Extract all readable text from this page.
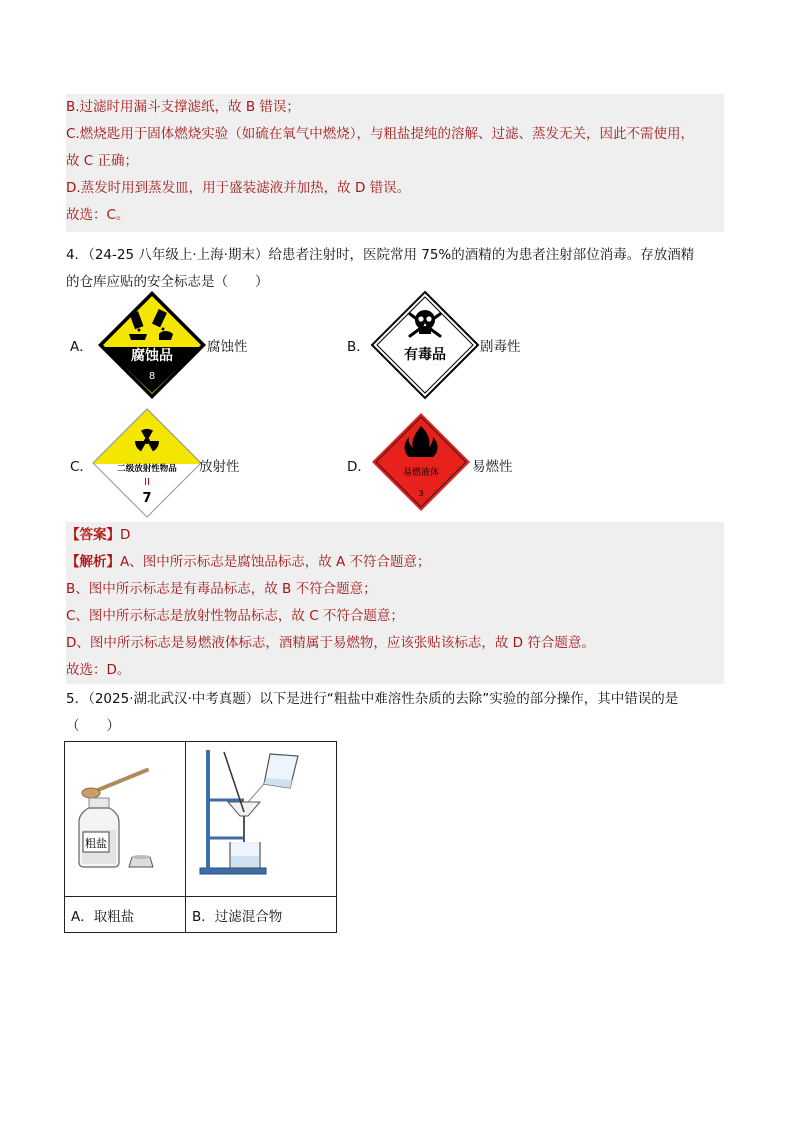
B.过滤时用漏斗支撑滤纸，故 B 错误；
C.燃烧匙用于固体燃烧实验（如硫在氧气中燃烧），与粗盐提纯的溶解、过滤、蒸发无关，因此不需使用，
故 C 正确；
D.蒸发时用到蒸发皿，用于盛装滤液并加热，故 D 错误。
故选：C。
4．（24-25 八年级上·上海·期末）给患者注射时，医院常用 75%的酒精的为患者注射部位消毒。存放酒精
的仓库应贴的安全标志是（　　）
A．
腐蚀品
8
腐蚀性	B． 有毒品	剧毒性
C．	二级放射性物品
II
7
放射性	D．	易燃液体
3
易燃性
【答案】D
【解析】A、图中所示标志是腐蚀品标志，故 A 不符合题意；
B、图中所示标志是有毒品标志，故 B 不符合题意；
C、图中所示标志是放射性物品标志，故 C 不符合题意；
D、图中所示标志是易燃液体标志，酒精属于易燃物，应该张贴该标志，故 D 符合题意。
故选：D。
5．（2025·湖北武汉·中考真题）以下是进行“粗盐中难溶性杂质的去除”实验的部分操作，其中错误的是
（　　）
粗盐

A．取粗盐	B．过滤混合物
